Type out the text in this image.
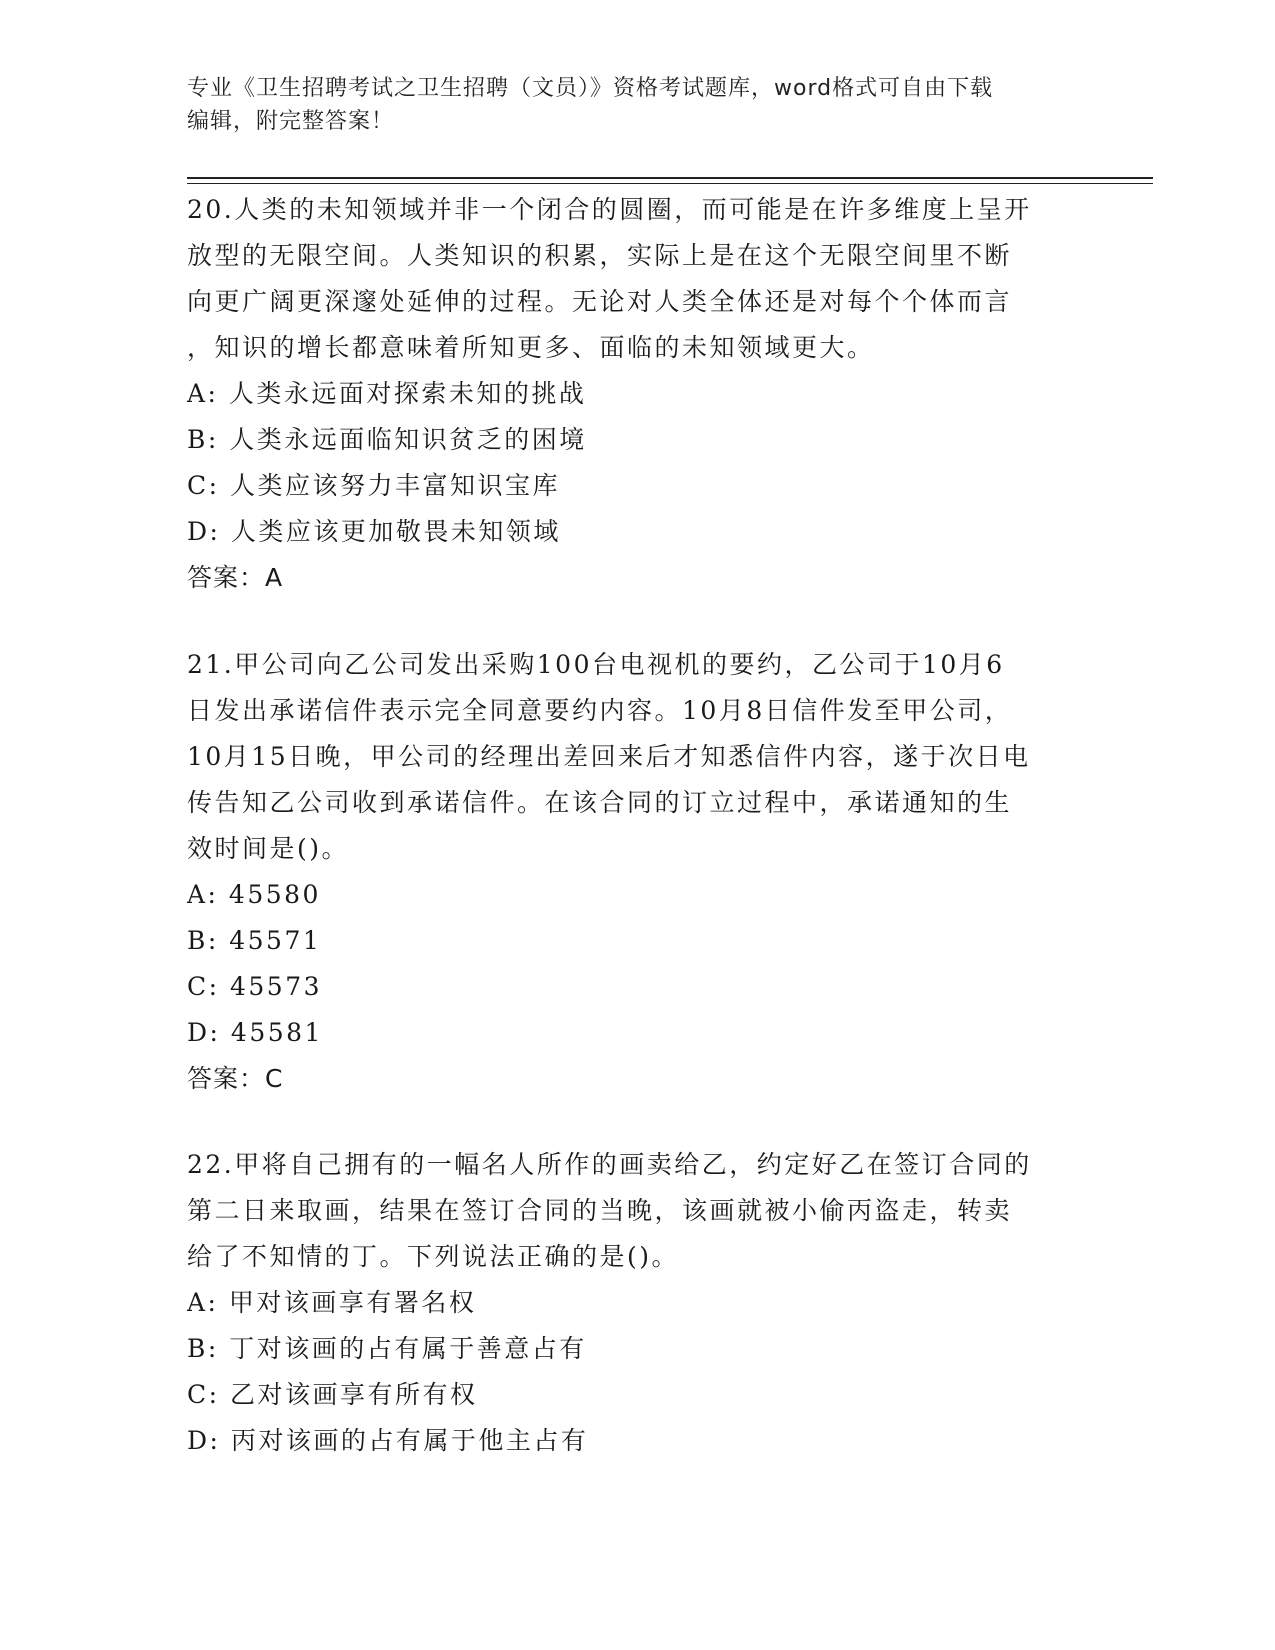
专业《卫生招聘考试之卫生招聘（文员）》资格考试题库，word格式可自由下载
编辑，附完整答案！

20.人类的未知领域并非一个闭合的圆圈，而可能是在许多维度上呈开

放型的无限空间。人类知识的积累，实际上是在这个无限空间里不断

向更广阔更深邃处延伸的过程。无论对人类全体还是对每个个体而言

，知识的增长都意味着所知更多、面临的未知领域更大。

A: 人类永远面对探索未知的挑战

B: 人类永远面临知识贫乏的困境

C: 人类应该努力丰富知识宝库

D: 人类应该更加敬畏未知领域

答案：A

21.甲公司向乙公司发出采购100台电视机的要约，乙公司于10月6

日发出承诺信件表示完全同意要约内容。10月8日信件发至甲公司，

10月15日晚，甲公司的经理出差回来后才知悉信件内容，遂于次日电

传告知乙公司收到承诺信件。在该合同的订立过程中，承诺通知的生

效时间是()。

A: 45580

B: 45571

C: 45573

D: 45581

答案：C

22.甲将自己拥有的一幅名人所作的画卖给乙，约定好乙在签订合同的

第二日来取画，结果在签订合同的当晚，该画就被小偷丙盗走，转卖

给了不知情的丁。下列说法正确的是()。

A: 甲对该画享有署名权

B: 丁对该画的占有属于善意占有

C: 乙对该画享有所有权

D: 丙对该画的占有属于他主占有
